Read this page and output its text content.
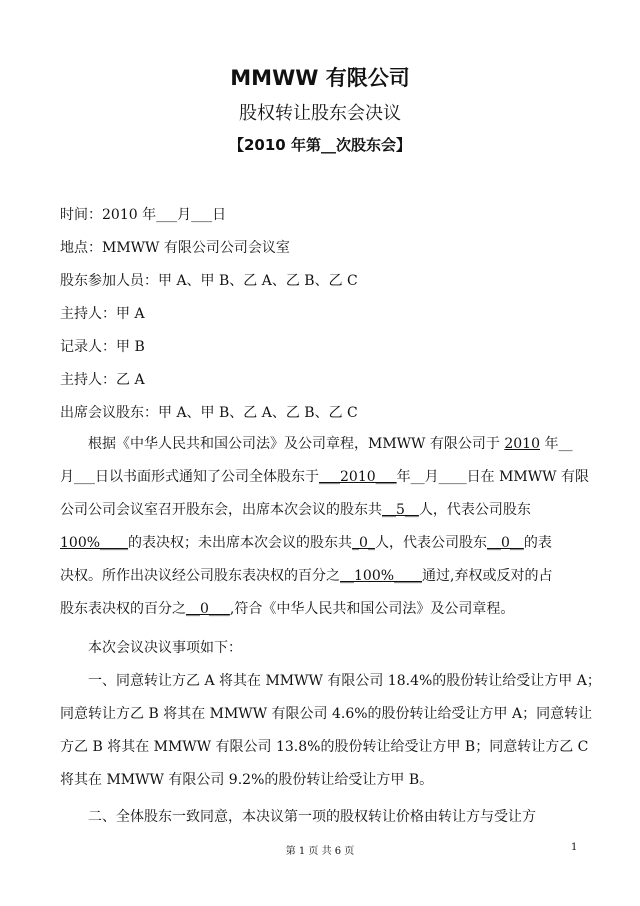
MMWW 有限公司
股权转让股东会决议
【2010 年第__次股东会】
时间：2010 年___月___日
地点：MMWW 有限公司公司会议室
股东参加人员：甲 A、甲 B、乙 A、乙 B、乙 C
主持人：甲 A
记录人：甲 B
主持人：乙 A
出席会议股东：甲 A、甲 B、乙 A、乙 B、乙 C

　　根据《中华人民共和国公司法》及公司章程，MMWW 有限公司于 2010 年__

月___日以书面形式通知了公司全体股东于___2010___年__月____日在 MMWW 有限

公司公司会议室召开股东会，出席本次会议的股东共__5__人，代表公司股东

100%____的表决权；未出席本次会议的股东共_0_人，代表公司股东__0__的表

决权。所作出决议经公司股东表决权的百分之__100%____通过,弃权或反对的占

股东表决权的百分之__0___,符合《中华人民共和国公司法》及公司章程。

　　本次会议决议事项如下：

　　一、同意转让方乙 A 将其在 MMWW 有限公司 18.4%的股份转让给受让方甲 A；

同意转让方乙 B 将其在 MMWW 有限公司 4.6%的股份转让给受让方甲 A；同意转让

方乙 B 将其在 MMWW 有限公司 13.8%的股份转让给受让方甲 B；同意转让方乙 C

将其在 MMWW 有限公司 9.2%的股份转让给受让方甲 B。

　　二、全体股东一致同意，本决议第一项的股权转让价格由转让方与受让方

第 1 页 共 6 页	1
